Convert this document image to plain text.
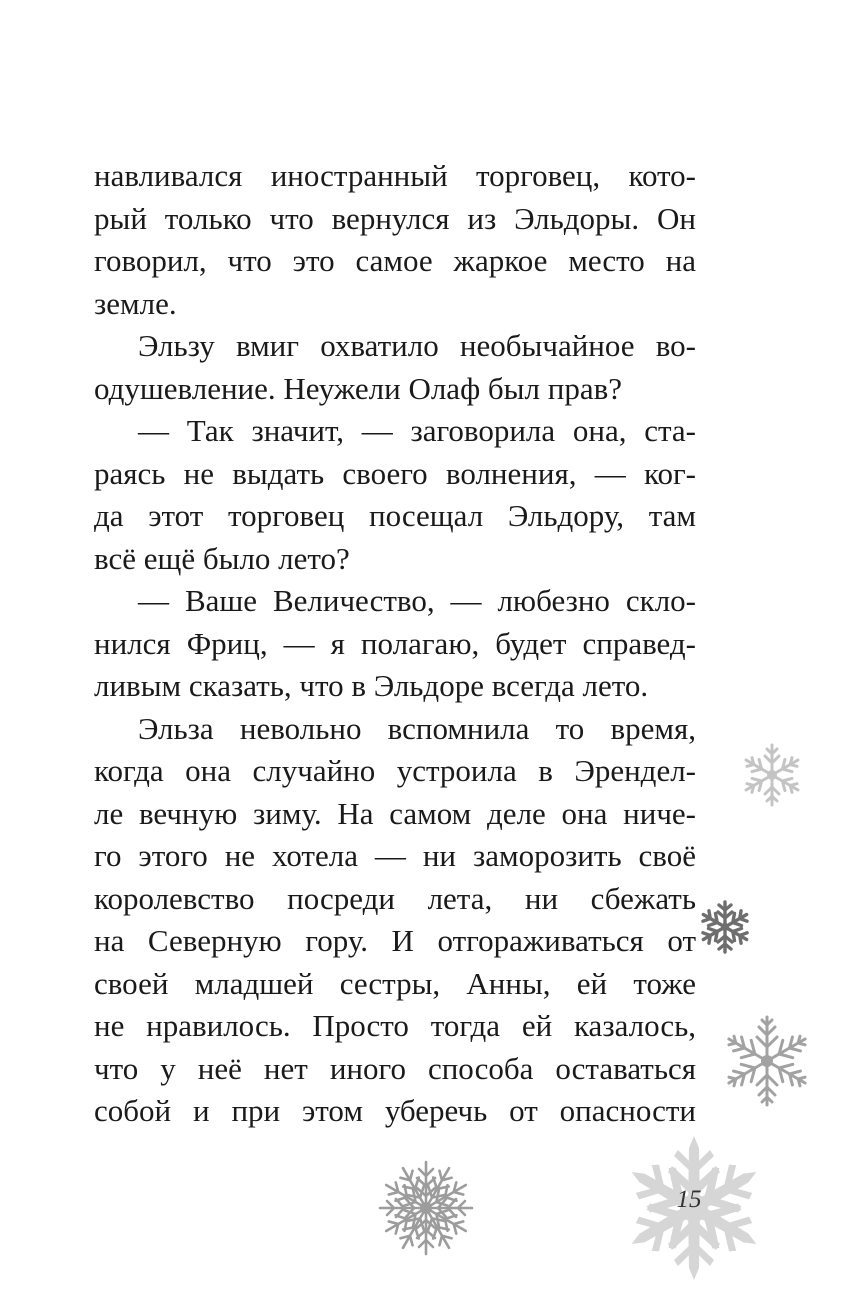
навливался иностранный торговец, кото-
рый только что вернулся из Эльдоры. Он
говорил, что это самое жаркое место на
земле.
Эльзу вмиг охватило необычайное во-
одушевление. Неужели Олаф был прав?
— Так значит, — заговорила она, ста-
раясь не выдать своего волнения, — ког-
да этот торговец посещал Эльдору, там
всё ещё было лето?
— Ваше Величество, — любезно скло-
нился Фриц, — я полагаю, будет справед-
ливым сказать, что в Эльдоре всегда лето.
Эльза невольно вспомнила то время,
когда она случайно устроила в Эрендел-
ле вечную зиму. На самом деле она ниче-
го этого не хотела — ни заморозить своё
королевство посреди лета, ни сбежать
на Северную гору. И отгораживаться от
своей младшей сестры, Анны, ей тоже
не нравилось. Просто тогда ей казалось,
что у неё нет иного способа оставаться
собой и при этом уберечь от опасности
15
